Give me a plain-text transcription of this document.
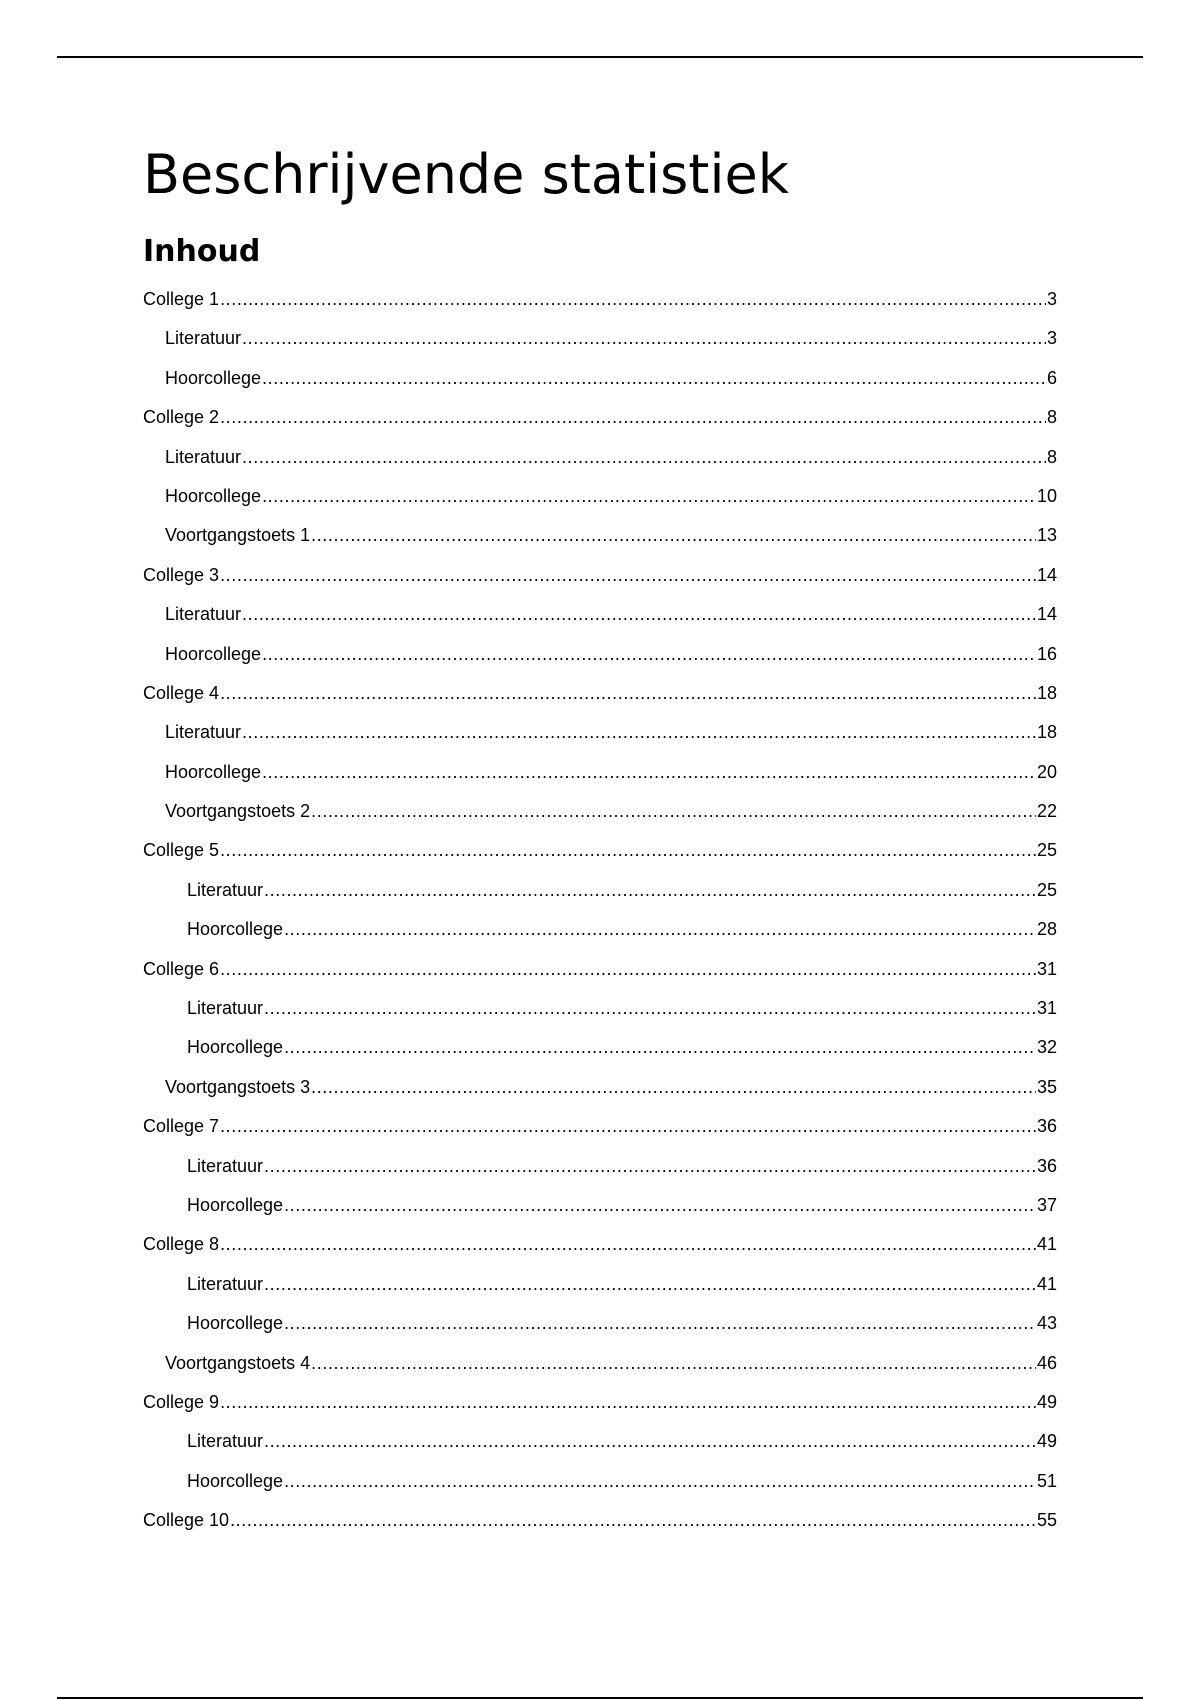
Beschrijvende statistiek
Inhoud
College 1 .....	3
Literatuur .....	3
Hoorcollege .....	6
College 2 .....	8
Literatuur .....	8
Hoorcollege .....	10
Voortgangstoets 1 .....	13
College 3 .....	14
Literatuur .....	14
Hoorcollege .....	16
College 4 .....	18
Literatuur .....	18
Hoorcollege .....	20
Voortgangstoets 2 .....	22
College 5 .....	25
Literatuur .....	25
Hoorcollege .....	28
College 6 .....	31
Literatuur .....	31
Hoorcollege .....	32
Voortgangstoets 3 .....	35
College 7 .....	36
Literatuur .....	36
Hoorcollege .....	37
College 8 .....	41
Literatuur .....	41
Hoorcollege .....	43
Voortgangstoets 4 .....	46
College 9 .....	49
Literatuur .....	49
Hoorcollege .....	51
College 10 .....	55
